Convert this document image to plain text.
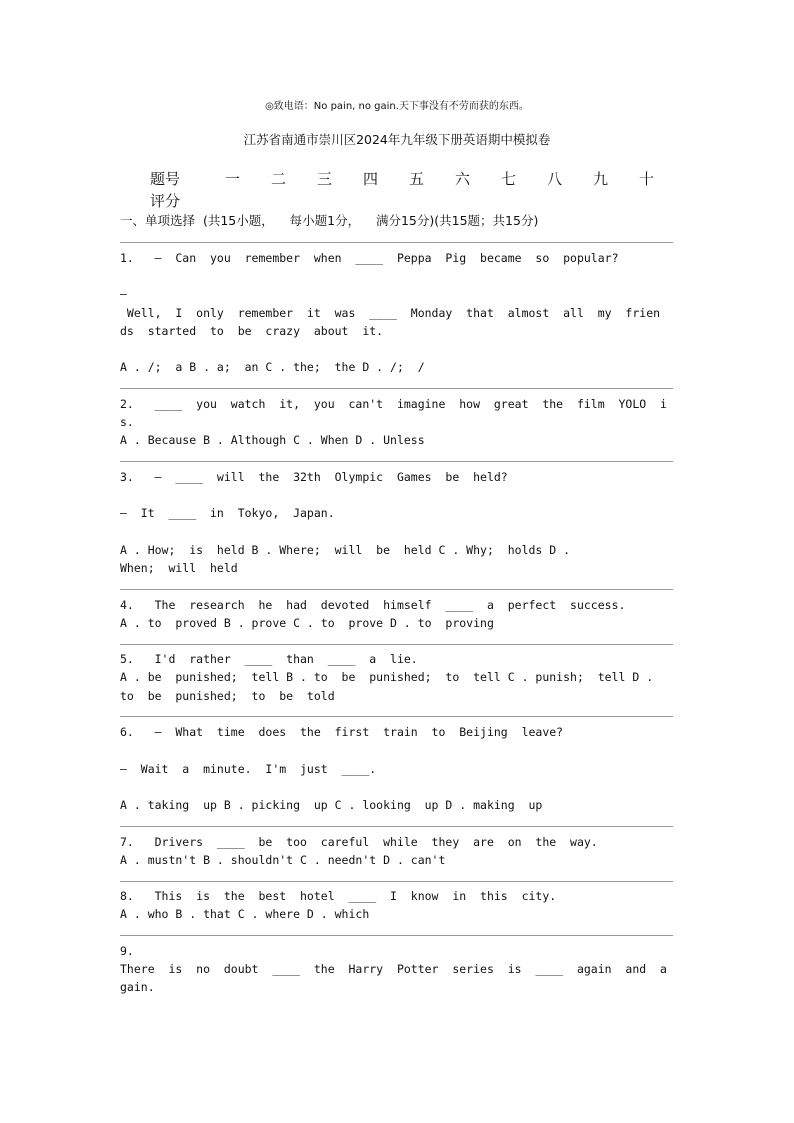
◎致电语：No pain, no gain.天下事没有不劳而获的东西。
江苏省南通市崇川区2024年九年级下册英语期中模拟卷
题号	一 二 三 四 五 六 七 八 九 十
评分
一、单项选择  (共15小题，    每小题1分，    满分15分)(共15题；共15分)
1.   —  Can  you  remember  when  ____  Peppa  Pig  became  so  popular?
—
Well,  I  only  remember  it  was  ____  Monday  that  almost  all  my  frien
ds  started  to  be  crazy  about  it.
A . /;  a B . a;  an C . the;  the D . /;  /
2.   ____  you  watch  it,  you  can't  imagine  how  great  the  film  YOLO  i
s.
A . Because B . Although C . When D . Unless
3.   —  ____  will  the  32th  Olympic  Games  be  held?
—  It  ____  in  Tokyo,  Japan.
A . How;  is  held B . Where;  will  be  held C . Why;  holds D .
When;  will  held
4.   The  research  he  had  devoted  himself  ____  a  perfect  success.
A . to  proved B . prove C . to  prove D . to  proving
5.   I'd  rather  ____  than  ____  a  lie.
A . be  punished;  tell B . to  be  punished;  to  tell C . punish;  tell D .
to  be  punished;  to  be  told
6.   —  What  time  does  the  first  train  to  Beijing  leave?
—  Wait  a  minute.  I'm  just  ____.
A . taking  up B . picking  up C . looking  up D . making  up
7.   Drivers  ____  be  too  careful  while  they  are  on  the  way.
A . mustn't B . shouldn't C . needn't D . can't
8.   This  is  the  best  hotel  ____  I  know  in  this  city.
A . who B . that C . where D . which
9.
There  is  no  doubt  ____  the  Harry  Potter  series  is  ____  again  and  a
gain.
